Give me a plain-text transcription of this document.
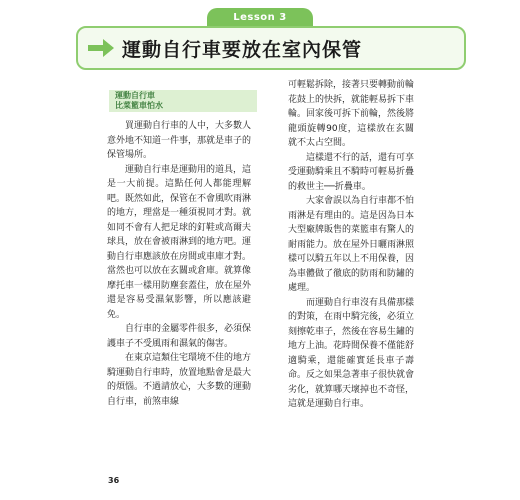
Lesson 3
運動自行車要放在室內保管
運動自行車
比菜籃車怕水

買運動自行車的人中，大多數人意外地不知道一件事，那就是車子的保管場所。

運動自行車是運動用的道具，這是一大前提。這點任何人都能理解吧。既然如此，保管在不會風吹雨淋的地方，理當是一種須視同才對。就如同不會有人把足球的釘鞋或高爾夫球具，放在會被雨淋到的地方吧。運動自行車應該放在房間或車庫才對。當然也可以放在玄關或倉庫。就算像摩托車一樣用防塵套蓋住，放在屋外還是容易受濕氣影響，所以應該避免。

自行車的金屬零件很多，必須保護車子不受風雨和濕氣的傷害。

在東京這類住宅環境不佳的地方騎運動自行車時，放置地點會是最大的煩惱。不過請放心，大多數的運動自行車，前煞車線

可輕鬆拆除，接著只要轉動前輪花鼓上的快拆，就能輕易拆下車輪。回家後可拆下前輪，然後將龍頭旋轉90度，這樣放在玄關就不太占空間。

這樣還不行的話，還有可享受運動騎乘且不騎時可輕易折疊的救世主──折疊車。

大家會誤以為自行車都不怕雨淋是有理由的。這是因為日本大型廠牌販售的菜籃車有驚人的耐雨能力。放在屋外日曬雨淋照樣可以騎五年以上不用保養，因為車體做了徹底的防雨和防鏽的處理。

而運動自行車沒有具備那樣的對策，在雨中騎完後，必須立刻擦乾車子，然後在容易生鏽的地方上油。花時間保養不僅能舒適騎乘，還能確實延長車子壽命。反之如果急著車子很快就會劣化，就算哪天壞掉也不奇怪，這就是運動自行車。

36
